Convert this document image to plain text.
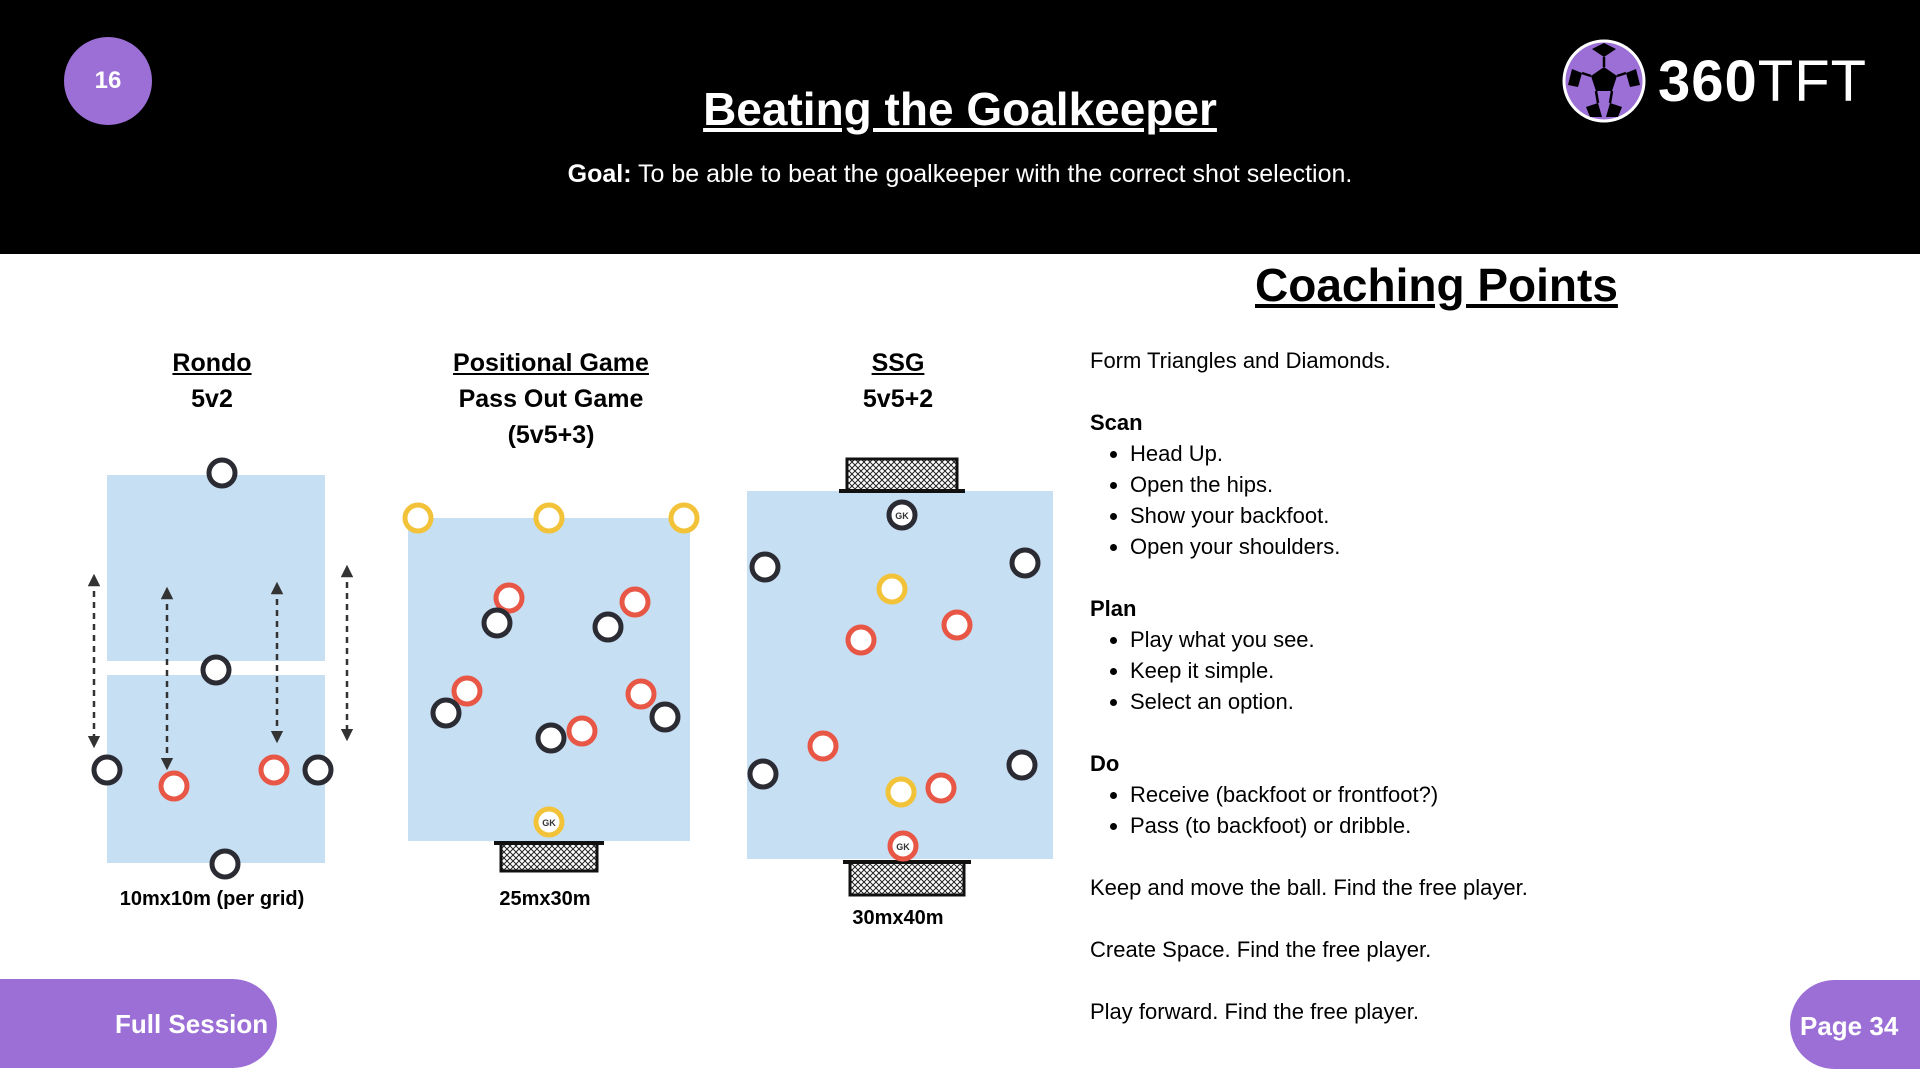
16
Beating the Goalkeeper
Goal: To be able to beat the goalkeeper with the correct shot selection.
360TFT
Coaching Points
Rondo
5v2
Positional Game
Pass Out Game
(5v5+3)
SSG
5v5+2
GK
GK
GK
10mx10m (per grid)	25mx30m
30mx40m

Form Triangles and Diamonds.

Scan

• Head Up.
• Open the hips.
• Show your backfoot.
• Open your shoulders.

Plan

• Play what you see.
• Keep it simple.
• Select an option.

Do

• Receive (backfoot or frontfoot?)
• Pass (to backfoot) or dribble.

Keep and move the ball. Find the free player.

Create Space. Find the free player.

Play forward. Find the free player.

Full Session	Page 34
